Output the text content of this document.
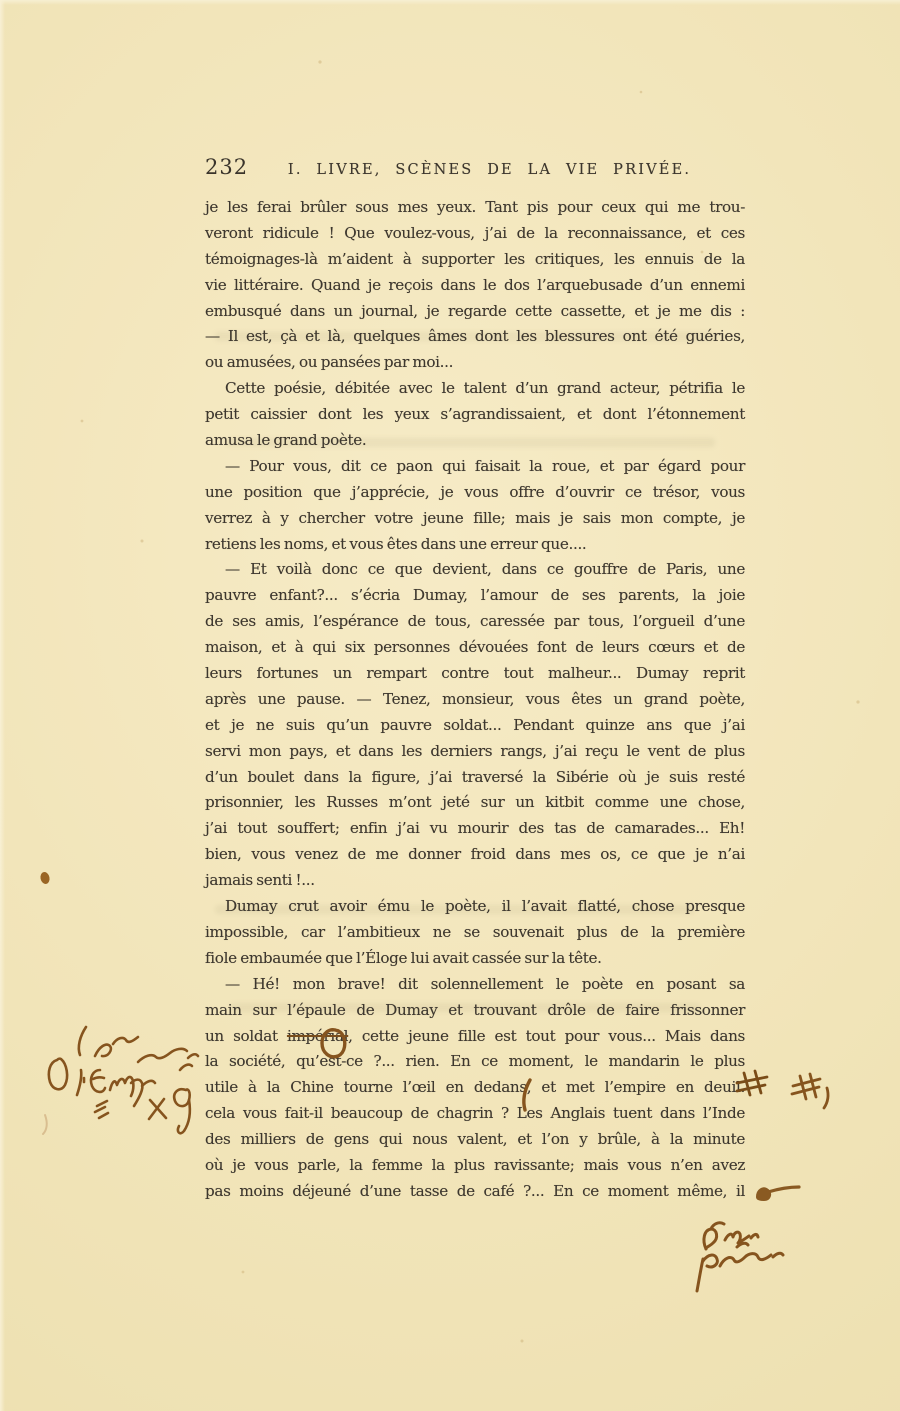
232	I. LIVRE, SCÈNES DE LA VIE PRIVÉE.
je les ferai brûler sous mes yeux. Tant pis pour ceux qui me trou-
veront ridicule ! Que voulez-vous, j’ai de la reconnaissance, et ces
témoignages-là m’aident à supporter les critiques, les ennuis de la
vie littéraire. Quand je reçois dans le dos l’arquebusade d’un ennemi
embusqué dans un journal, je regarde cette cassette, et je me dis :
— Il est, çà et là, quelques âmes dont les blessures ont été guéries,
ou amusées, ou pansées par moi...
Cette poésie, débitée avec le talent d’un grand acteur, pétrifia le
petit caissier dont les yeux s’agrandissaient, et dont l’étonnement
amusa le grand poète.
— Pour vous, dit ce paon qui faisait la roue, et par égard pour
une position que j’apprécie, je vous offre d’ouvrir ce trésor, vous
verrez à y chercher votre jeune fille; mais je sais mon compte, je
retiens les noms, et vous êtes dans une erreur que....
— Et voilà donc ce que devient, dans ce gouffre de Paris, une
pauvre enfant?... s’écria Dumay, l’amour de ses parents, la joie
de ses amis, l’espérance de tous, caressée par tous, l’orgueil d’une
maison, et à qui six personnes dévouées font de leurs cœurs et de
leurs fortunes un rempart contre tout malheur... Dumay reprit
après une pause. — Tenez, monsieur, vous êtes un grand poète,
et je ne suis qu’un pauvre soldat... Pendant quinze ans que j’ai
servi mon pays, et dans les derniers rangs, j’ai reçu le vent de plus
d’un boulet dans la figure, j’ai traversé la Sibérie où je suis resté
prisonnier, les Russes m’ont jeté sur un kitbit comme une chose,
j’ai tout souffert; enfin j’ai vu mourir des tas de camarades... Eh!
bien, vous venez de me donner froid dans mes os, ce que je n’ai
jamais senti !...
Dumay crut avoir ému le poète, il l’avait flatté, chose presque
impossible, car l’ambitieux ne se souvenait plus de la première
fiole embaumée que l’Éloge lui avait cassée sur la tête.
— Hé! mon brave! dit solennellement le poète en posant sa
main sur l’épaule de Dumay et trouvant drôle de faire frissonner
un soldat impérial, cette jeune fille est tout pour vous... Mais dans
la société, qu’est-ce ?... rien. En ce moment, le mandarin le plus
utile à la Chine tourne l’œil en dedans, et met l’empire en deuil.
cela vous fait-il beaucoup de chagrin ? Les Anglais tuent dans l’Inde
des milliers de gens qui nous valent, et l’on y brûle, à la minute
où je vous parle, la femme la plus ravissante; mais vous n’en avez
pas moins déjeuné d’une tasse de café ?... En ce moment même, il
